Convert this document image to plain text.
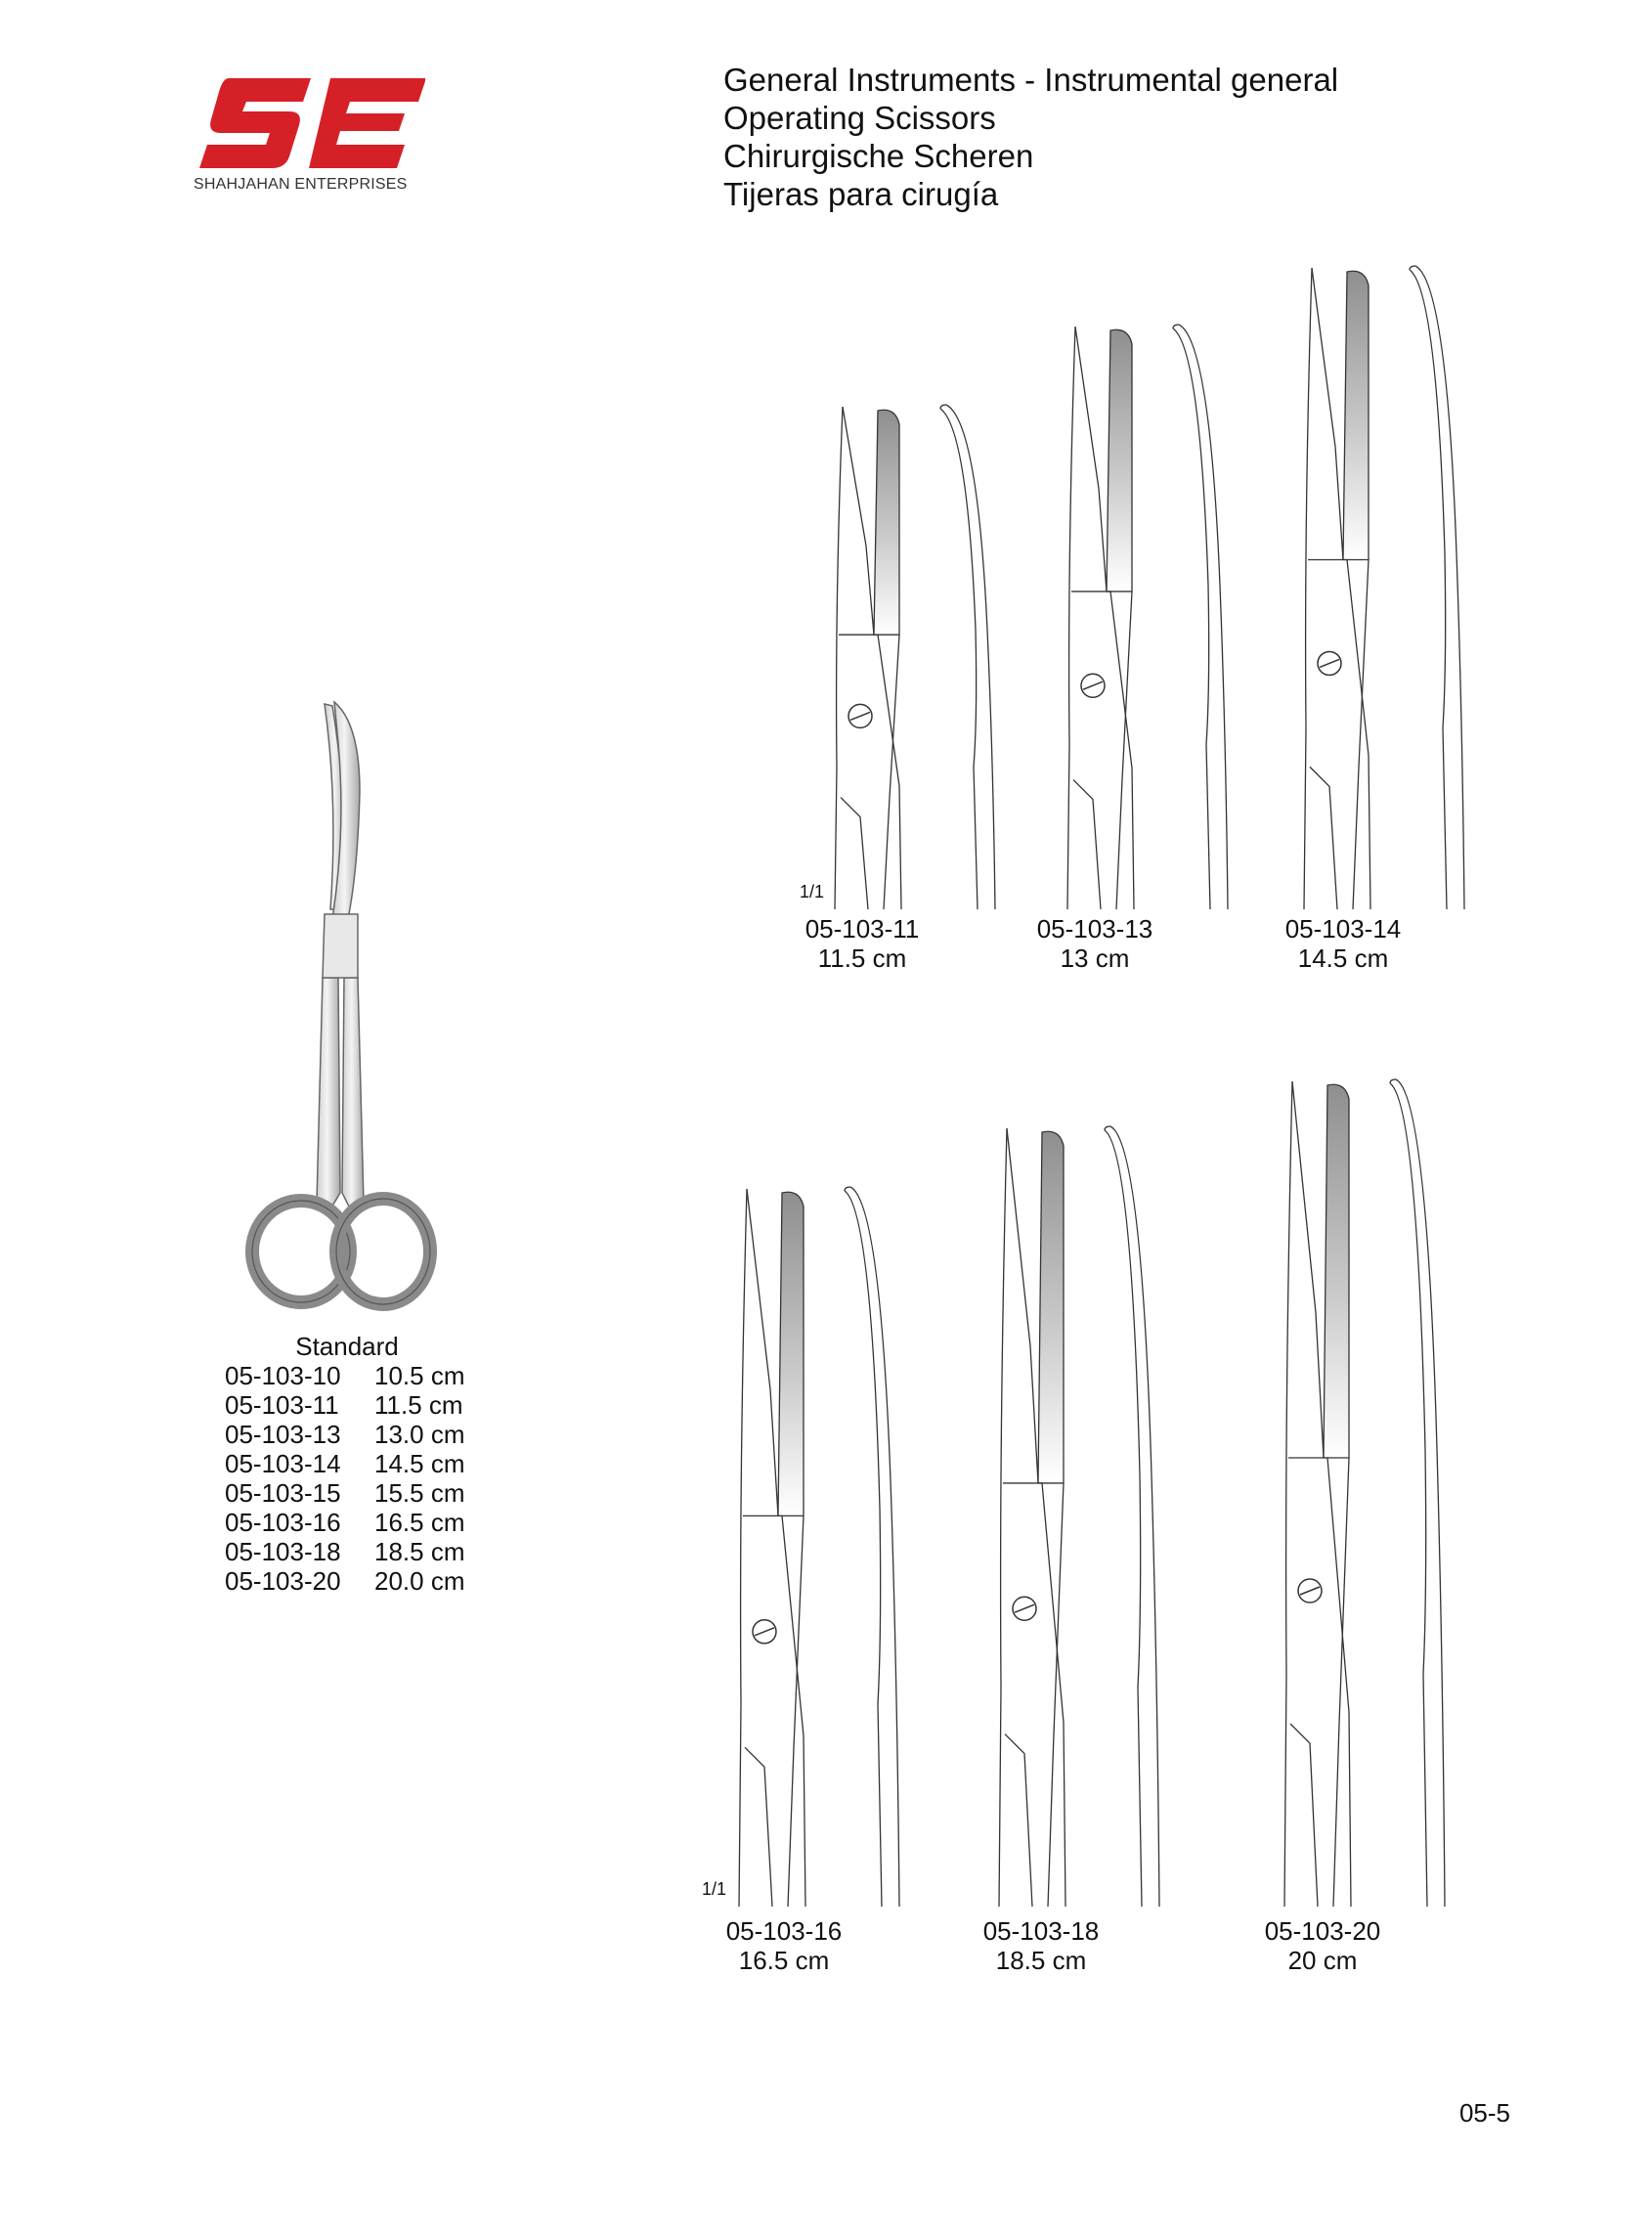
SHAHJAHAN ENTERPRISES
General Instruments - Instrumental general
Operating Scissors
Chirurgische Scheren
Tijeras para cirugía
Standard
05-103-10	10.5 cm
05-103-11	11.5 cm
05-103-13	13.0 cm
05-103-14	14.5 cm
05-103-15	15.5 cm
05-103-16	16.5 cm
05-103-18	18.5 cm
05-103-20	20.0 cm
1/1
1/1
05-103-11
11.5 cm
05-103-13
13 cm
05-103-14
14.5 cm
05-103-16
16.5 cm
05-103-18
18.5 cm
05-103-20
20 cm
05-5
